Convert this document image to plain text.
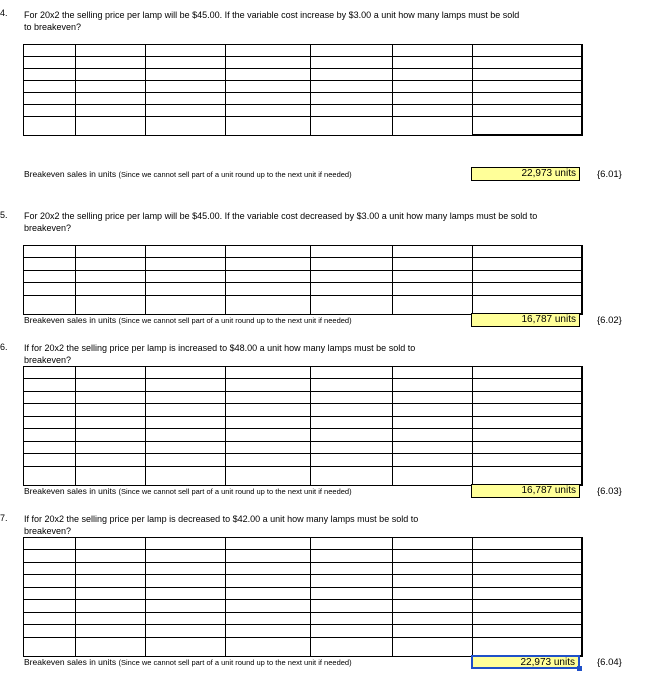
4. For 20x2 the selling price per lamp will be $45.00. If the variable cost increase by $3.00 a unit how many lamps must be sold to breakeven?

Breakeven sales in units (Since we cannot sell part of a unit round up to the next unit if needed)	22,973 units	{6.01}
5. For 20x2 the selling price per lamp will be $45.00. If the variable cost decreased by $3.00 a unit how many lamps must be sold to breakeven?

Breakeven sales in units (Since we cannot sell part of a unit round up to the next unit if needed)	16,787 units	{6.02}
6. If for 20x2 the selling price per lamp is increased to $48.00 a unit how many lamps must be sold to breakeven?

Breakeven sales in units (Since we cannot sell part of a unit round up to the next unit if needed)	16,787 units	{6.03}
7. If for 20x2 the selling price per lamp is decreased to $42.00 a unit how many lamps must be sold to breakeven?

Breakeven sales in units (Since we cannot sell part of a unit round up to the next unit if needed)	22,973 units	{6.04}
